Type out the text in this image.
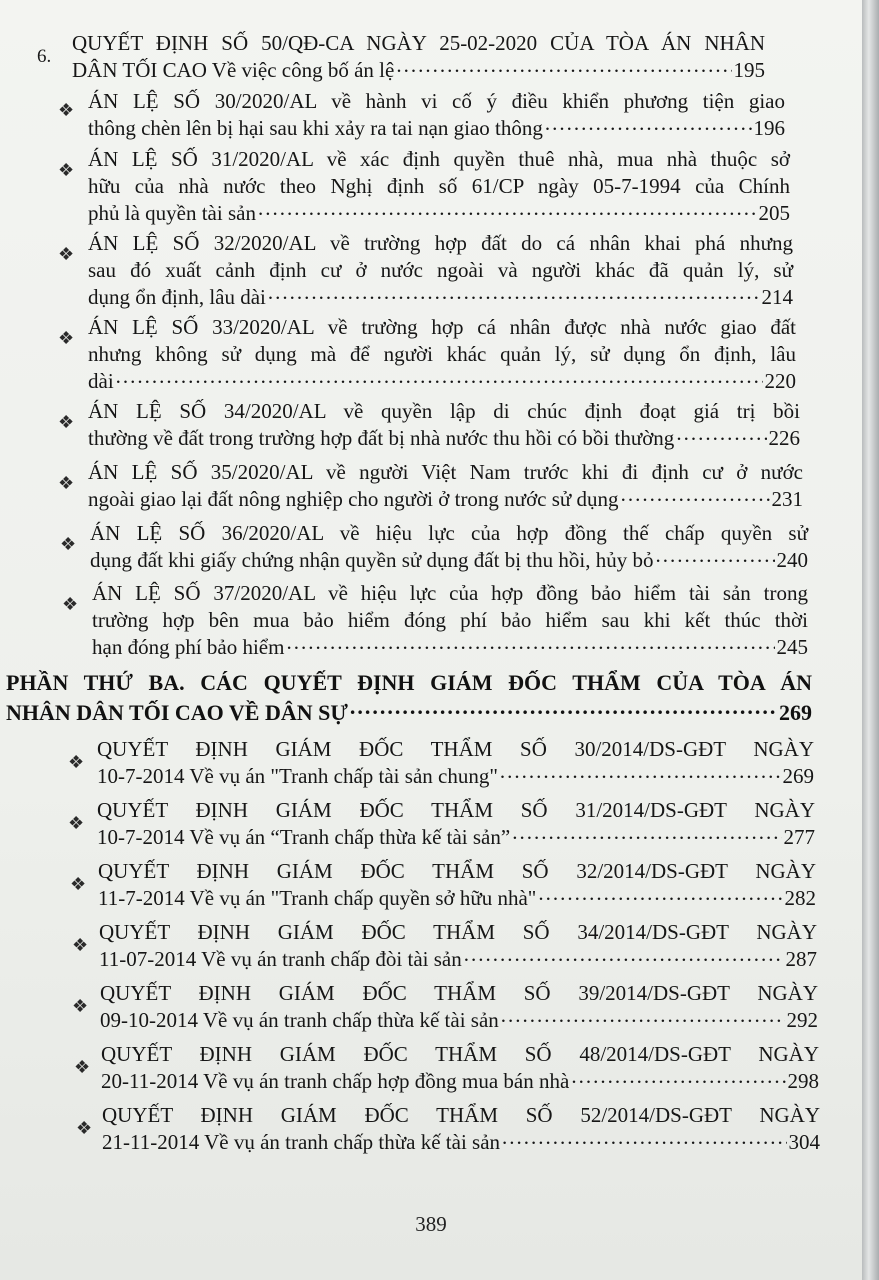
6.
QUYẾT ĐỊNH SỐ 50/QĐ-CA NGÀY 25-02-2020 CỦA TÒA ÁN NHÂN
DÂN TỐI CAO Về việc công bố án lệ .....	195
❖ ÁN LỆ SỐ 30/2020/AL về hành vi cố ý điều khiển phương tiện giao
thông chèn lên bị hại sau khi xảy ra tai nạn giao thông .....	196
❖ ÁN LỆ SỐ 31/2020/AL về xác định quyền thuê nhà, mua nhà thuộc sở
hữu của nhà nước theo Nghị định số 61/CP ngày 05-7-1994 của Chính
phủ là quyền tài sản .....	205
❖ ÁN LỆ SỐ 32/2020/AL về trường hợp đất do cá nhân khai phá nhưng
sau đó xuất cảnh định cư ở nước ngoài và người khác đã quản lý, sử
dụng ổn định, lâu dài .....	214
❖ ÁN LỆ SỐ 33/2020/AL về trường hợp cá nhân được nhà nước giao đất
nhưng không sử dụng mà để người khác quản lý, sử dụng ổn định, lâu
dài .....	220
❖ ÁN LỆ SỐ 34/2020/AL về quyền lập di chúc định đoạt giá trị bồi
thường về đất trong trường hợp đất bị nhà nước thu hồi có bồi thường .....	226
❖ ÁN LỆ SỐ 35/2020/AL về người Việt Nam trước khi đi định cư ở nước
ngoài giao lại đất nông nghiệp cho người ở trong nước sử dụng .....	231
❖ ÁN LỆ SỐ 36/2020/AL về hiệu lực của hợp đồng thế chấp quyền sử
dụng đất khi giấy chứng nhận quyền sử dụng đất bị thu hồi, hủy bỏ .....	240
❖ ÁN LỆ SỐ 37/2020/AL về hiệu lực của hợp đồng bảo hiểm tài sản trong
trường hợp bên mua bảo hiểm đóng phí bảo hiểm sau khi kết thúc thời
hạn đóng phí bảo hiểm .....	245
PHẦN THỨ BA. CÁC QUYẾT ĐỊNH GIÁM ĐỐC THẨM CỦA TÒA ÁN
NHÂN DÂN TỐI CAO VỀ DÂN SỰ .....	269
❖
QUYẾT ĐỊNH GIÁM ĐỐC THẨM SỐ 30/2014/DS-GĐT NGÀY
10-7-2014 Về vụ án "Tranh chấp tài sản chung" .....	269
❖
QUYẾT ĐỊNH GIÁM ĐỐC THẨM SỐ 31/2014/DS-GĐT NGÀY
10-7-2014 Về vụ án “Tranh chấp thừa kế tài sản” .....	277
❖
QUYẾT ĐỊNH GIÁM ĐỐC THẨM SỐ 32/2014/DS-GĐT NGÀY
11-7-2014 Về vụ án "Tranh chấp quyền sở hữu nhà" .....	282
❖
QUYẾT ĐỊNH GIÁM ĐỐC THẨM SỐ 34/2014/DS-GĐT NGÀY
11-07-2014 Về vụ án tranh chấp đòi tài sản .....	287
❖
QUYẾT ĐỊNH GIÁM ĐỐC THẨM SỐ 39/2014/DS-GĐT NGÀY
09-10-2014 Về vụ án tranh chấp thừa kế tài sản .....	292
❖
QUYẾT ĐỊNH GIÁM ĐỐC THẨM SỐ 48/2014/DS-GĐT NGÀY
20-11-2014 Về vụ án tranh chấp hợp đồng mua bán nhà .....	298
❖
QUYẾT ĐỊNH GIÁM ĐỐC THẨM SỐ 52/2014/DS-GĐT NGÀY
21-11-2014 Về vụ án tranh chấp thừa kế tài sản .....	304
389
